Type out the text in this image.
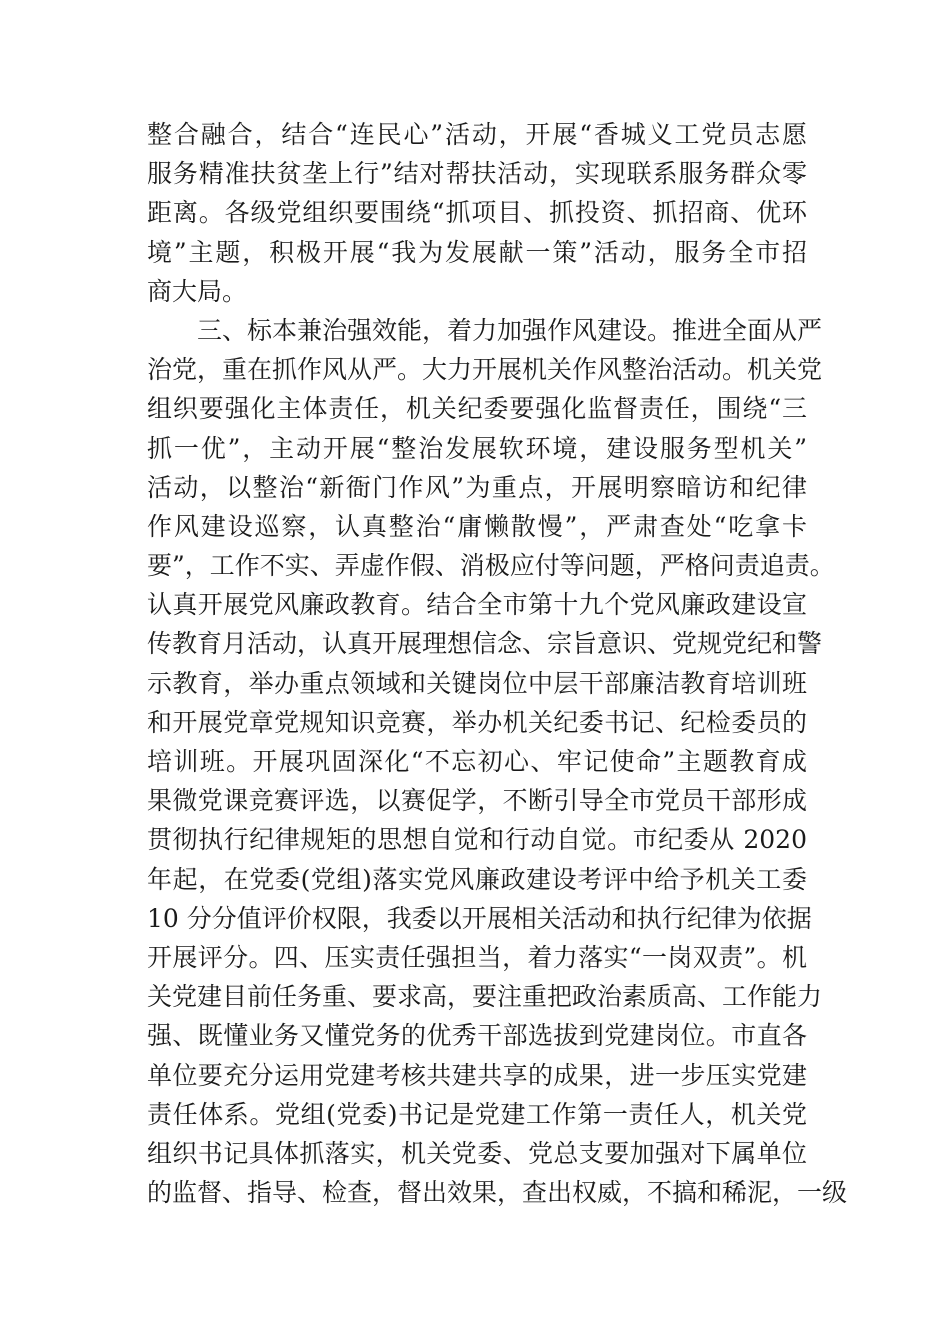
整合融合，结合“连民心”活动，开展“香城义工党员志愿
服务精准扶贫垄上行”结对帮扶活动，实现联系服务群众零
距离。各级党组织要围绕“抓项目、抓投资、抓招商、优环
境”主题，积极开展“我为发展献一策”活动，服务全市招
商大局。
　　三、标本兼治强效能，着力加强作风建设。推进全面从严
治党，重在抓作风从严。大力开展机关作风整治活动。机关党
组织要强化主体责任，机关纪委要强化监督责任，围绕“三
抓一优”，主动开展“整治发展软环境，建设服务型机关”
活动，以整治“新衙门作风”为重点，开展明察暗访和纪律
作风建设巡察，认真整治“庸懒散慢”，严肃查处“吃拿卡
要”，工作不实、弄虚作假、消极应付等问题，严格问责追责。
认真开展党风廉政教育。结合全市第十九个党风廉政建设宣
传教育月活动，认真开展理想信念、宗旨意识、党规党纪和警
示教育，举办重点领域和关键岗位中层干部廉洁教育培训班
和开展党章党规知识竞赛，举办机关纪委书记、纪检委员的
培训班。开展巩固深化“不忘初心、牢记使命”主题教育成
果微党课竞赛评选，以赛促学，不断引导全市党员干部形成
贯彻执行纪律规矩的思想自觉和行动自觉。市纪委从 2020
年起，在党委(党组)落实党风廉政建设考评中给予机关工委
10 分分值评价权限，我委以开展相关活动和执行纪律为依据
开展评分。四、压实责任强担当，着力落实“一岗双责”。机
关党建目前任务重、要求高，要注重把政治素质高、工作能力
强、既懂业务又懂党务的优秀干部选拔到党建岗位。市直各
单位要充分运用党建考核共建共享的成果，进一步压实党建
责任体系。党组(党委)书记是党建工作第一责任人，机关党
组织书记具体抓落实，机关党委、党总支要加强对下属单位
的监督、指导、检查，督出效果，查出权威，不搞和稀泥，一级
